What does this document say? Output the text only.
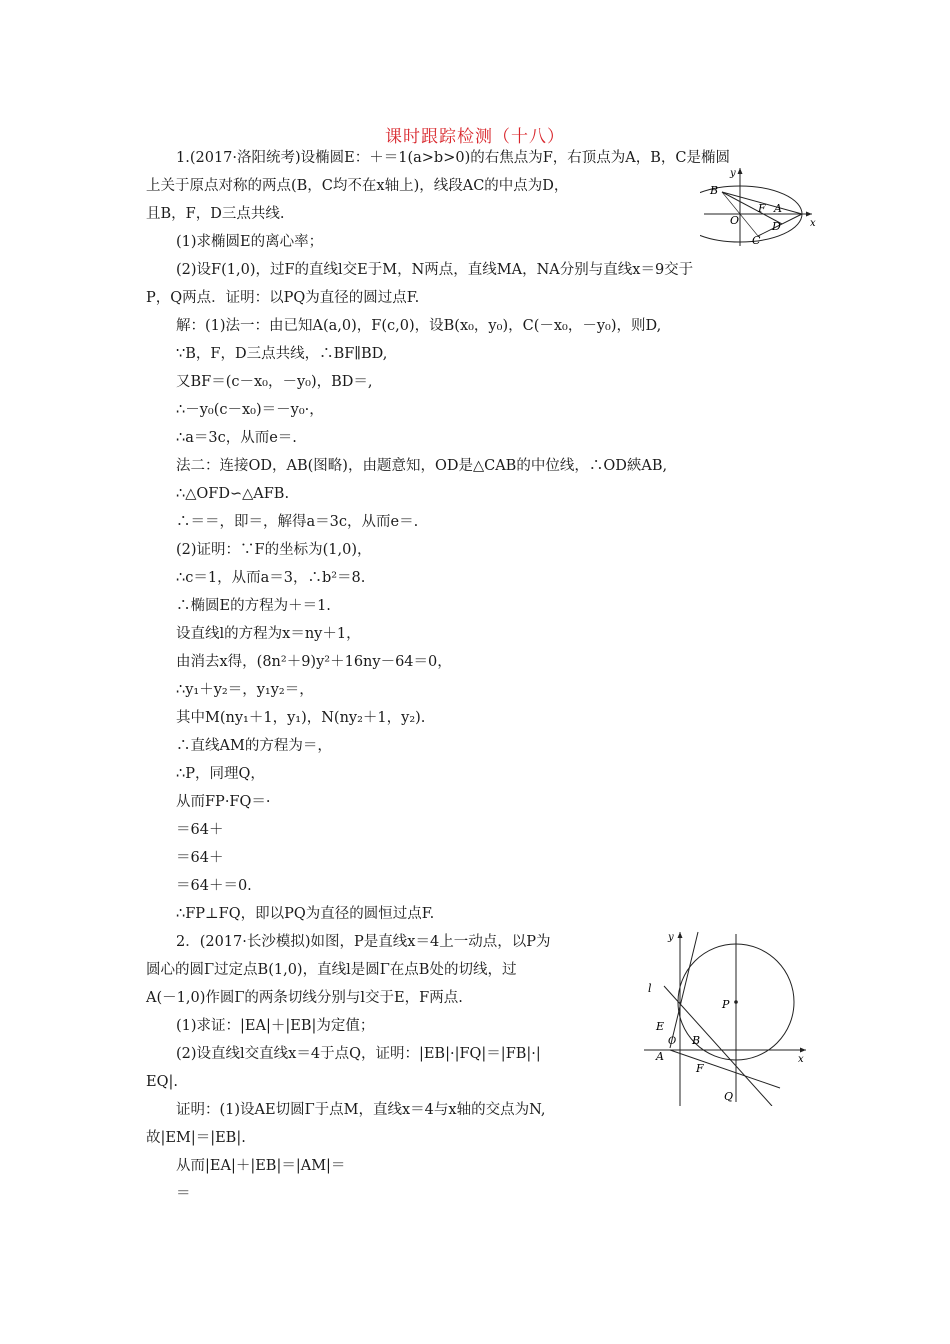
课时跟踪检测（十八）
1.(2017·洛阳统考)设椭圆E：＋＝1(a>b>0)的右焦点为F，右顶点为A，B，C是椭圆
上关于原点对称的两点(B，C均不在x轴上)，线段AC的中点为D，
且B，F，D三点共线.
(1)求椭圆E的离心率；
(2)设F(1,0)，过F的直线l交E于M，N两点，直线MA，NA分别与直线x＝9交于
P，Q两点．证明：以PQ为直径的圆过点F.
解：(1)法一：由已知A(a,0)，F(c,0)，设B(x₀，y₀)，C(－x₀，－y₀)，则D,
∵B，F，D三点共线，∴BF∥BD,
又BF＝(c－x₀，－y₀)，BD＝,
∴－y₀(c－x₀)＝－y₀·，
∴a＝3c，从而e＝.
法二：连接OD，AB(图略)，由题意知，OD是△CAB的中位线，∴OD綊AB,
∴△OFD∽△AFB.
∴＝＝，即＝，解得a＝3c，从而e＝.
(2)证明：∵F的坐标为(1,0)，
∴c＝1，从而a＝3，∴b²＝8.
∴椭圆E的方程为＋＝1.
设直线l的方程为x＝ny＋1，
由消去x得，(8n²＋9)y²＋16ny－64＝0，
∴y₁＋y₂＝，y₁y₂＝，
其中M(ny₁＋1，y₁)，N(ny₂＋1，y₂).
∴直线AM的方程为＝，
∴P，同理Q，
从而FP·FQ＝·
＝64＋
＝64＋
＝64＋＝0.
∴FP⊥FQ，即以PQ为直径的圆恒过点F.
2．(2017·长沙模拟)如图，P是直线x＝4上一动点，以P为
圆心的圆Γ过定点B(1,0)，直线l是圆Γ在点B处的切线，过
A(－1,0)作圆Γ的两条切线分别与l交于E，F两点.
(1)求证：|EA|＋|EB|为定值；
(2)设直线l交直线x＝4于点Q，证明：|EB|·|FQ|＝|FB|·|
EQ|.
证明：(1)设AE切圆Γ于点M，直线x＝4与x轴的交点为N,
故|EM|＝|EB|.
从而|EA|＋|EB|＝|AM|＝
＝
y
B
O
F A
D
C
x
y
l
P
E
O B
A
F
x
Q
